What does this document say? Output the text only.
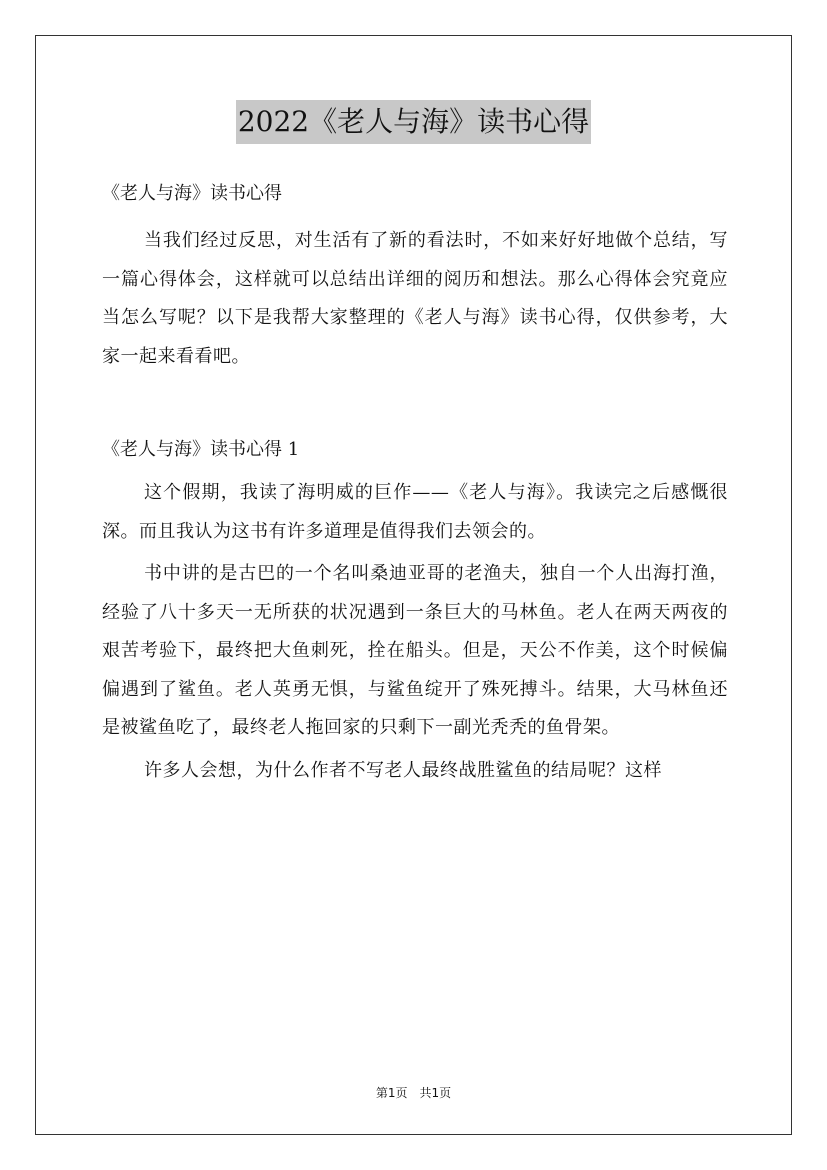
2022《老人与海》读书心得

《老人与海》读书心得

当我们经过反思，对生活有了新的看法时，不如来好好地做个总结，写一篇心得体会，这样就可以总结出详细的阅历和想法。那么心得体会究竟应当怎么写呢？以下是我帮大家整理的《老人与海》读书心得，仅供参考，大家一起来看看吧。

《老人与海》读书心得 1

这个假期，我读了海明威的巨作——《老人与海》。我读完之后感慨很深。而且我认为这书有许多道理是值得我们去领会的。

书中讲的是古巴的一个名叫桑迪亚哥的老渔夫，独自一个人出海打渔，经验了八十多天一无所获的状况遇到一条巨大的马林鱼。老人在两天两夜的艰苦考验下，最终把大鱼刺死，拴在船头。但是，天公不作美，这个时候偏偏遇到了鲨鱼。老人英勇无惧，与鲨鱼绽开了殊死搏斗。结果，大马林鱼还是被鲨鱼吃了，最终老人拖回家的只剩下一副光秃秃的鱼骨架。

许多人会想，为什么作者不写老人最终战胜鲨鱼的结局呢？这样

第1页　共1页
